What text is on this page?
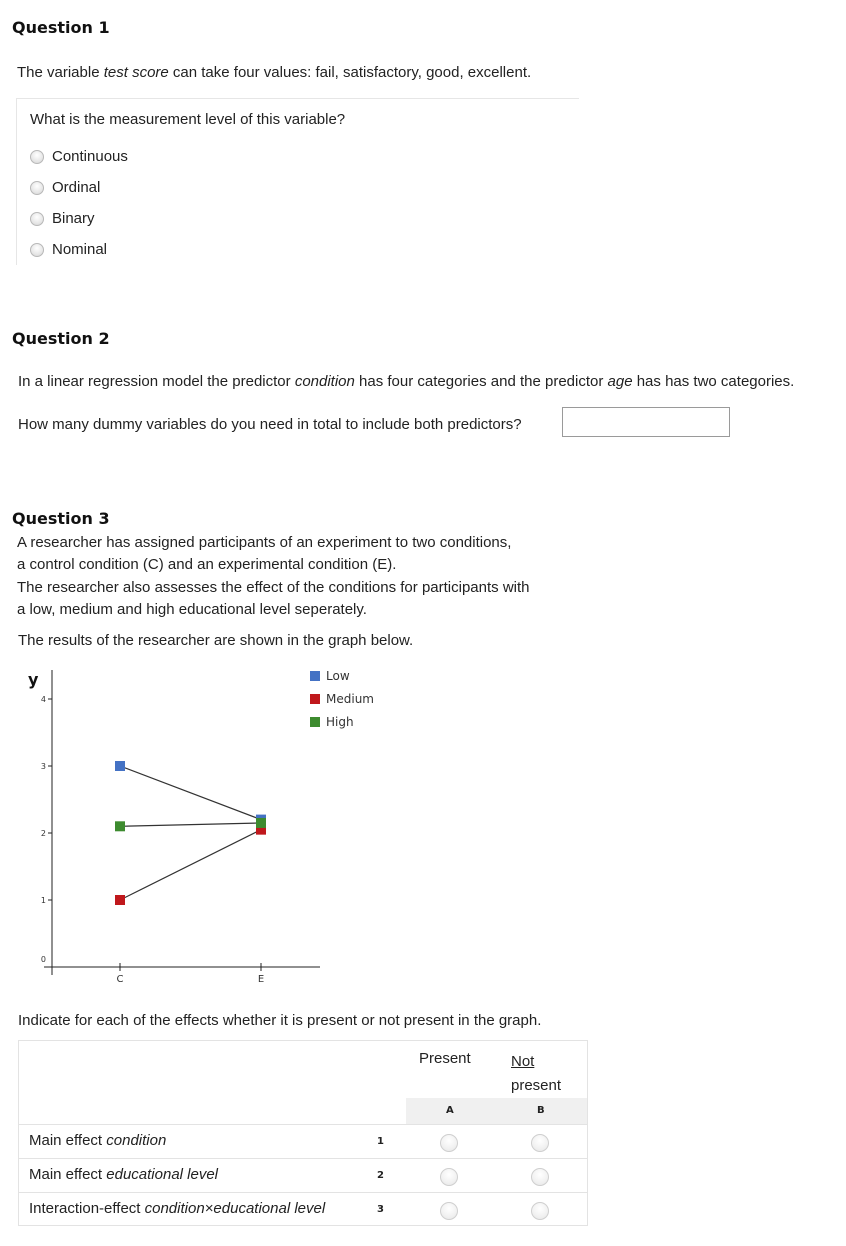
Question 1
The variable test score can take four values: fail, satisfactory, good, excellent.
What is the measurement level of this variable?
Continuous
Ordinal
Binary
Nominal
Question 2
In a linear regression model the predictor condition has four categories and the predictor age has has two categories.
How many dummy variables do you need in total to include both predictors?
Question 3
A researcher has assigned participants of an experiment to two conditions,
a control condition (C) and an experimental condition (E).
The researcher also assesses the effect of the conditions for participants with
a low, medium and high educational level seperately.
The results of the researcher are shown in the graph below.
y
0
1
2
3
4
C	E
Low
Medium
High
Indicate for each of the effects whether it is present or not present in the graph.
Present	Not
present
A	B
Main effect condition	1
Main effect educational level	2
Interaction-effect condition×educational level	3
